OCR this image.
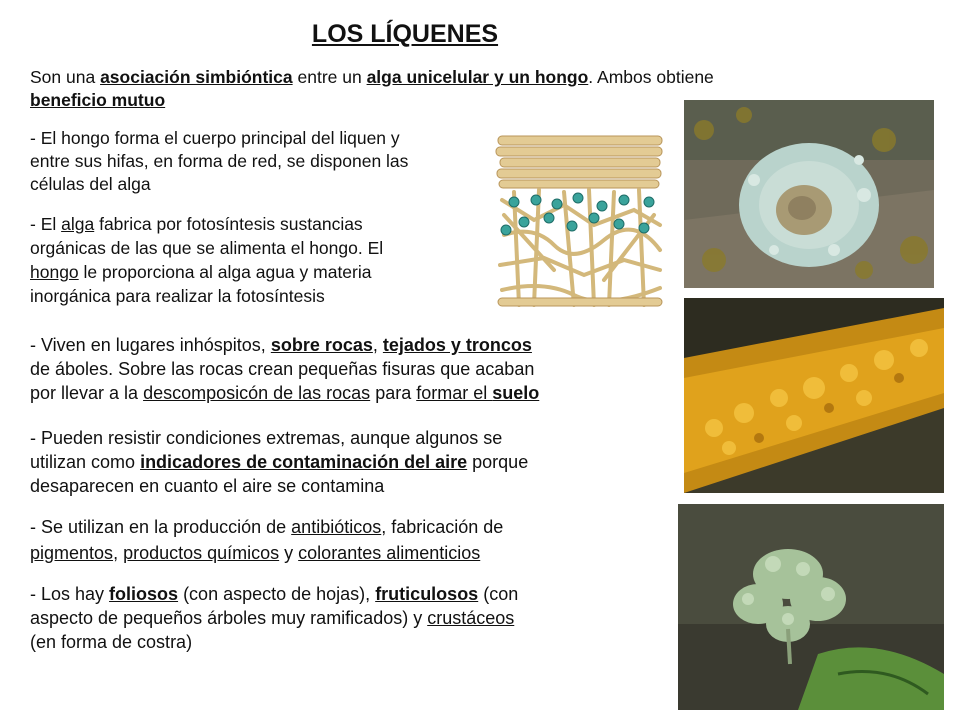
LOS LÍQUENES
Son una asociación simbióntica entre un alga unicelular y un hongo. Ambos obtiene
beneficio mutuo
- El hongo forma el cuerpo principal del liquen y
entre sus hifas, en forma de red, se disponen las
células del alga
- El alga fabrica por fotosíntesis sustancias
orgánicas de las que se alimenta el hongo. El
hongo le proporciona al alga agua y materia
inorgánica para realizar la fotosíntesis
- Viven en lugares inhóspitos, sobre rocas, tejados y troncos
de áboles. Sobre las rocas crean pequeñas fisuras que acaban
por llevar a la descomposicón de las rocas para formar el suelo
- Pueden resistir condiciones extremas, aunque algunos se
utilizan como indicadores de contaminación del aire porque
desaparecen en cuanto el aire se contamina
- Se utilizan en la producción de antibióticos, fabricación de
pigmentos, productos químicos y colorantes alimenticios
- Los hay foliosos (con aspecto de hojas), fruticulosos (con
aspecto de pequeños árboles muy ramificados) y crustáceos
(en forma de costra)
